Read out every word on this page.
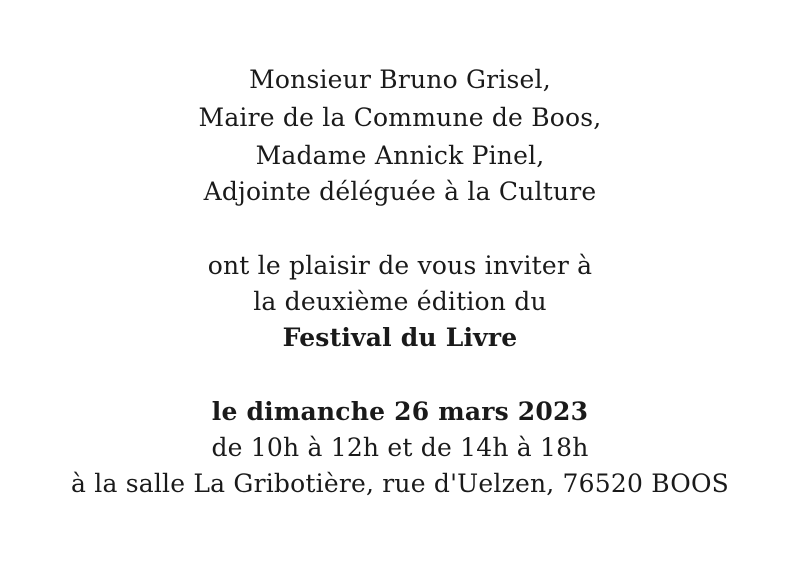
Monsieur Bruno Grisel,
Maire de la Commune de Boos,
Madame Annick Pinel,
Adjointe déléguée à la Culture
ont le plaisir de vous inviter à
la deuxième édition du
Festival du Livre
le dimanche 26 mars 2023
de 10h à 12h et de 14h à 18h
à la salle La Gribotière, rue d'Uelzen, 76520 BOOS
